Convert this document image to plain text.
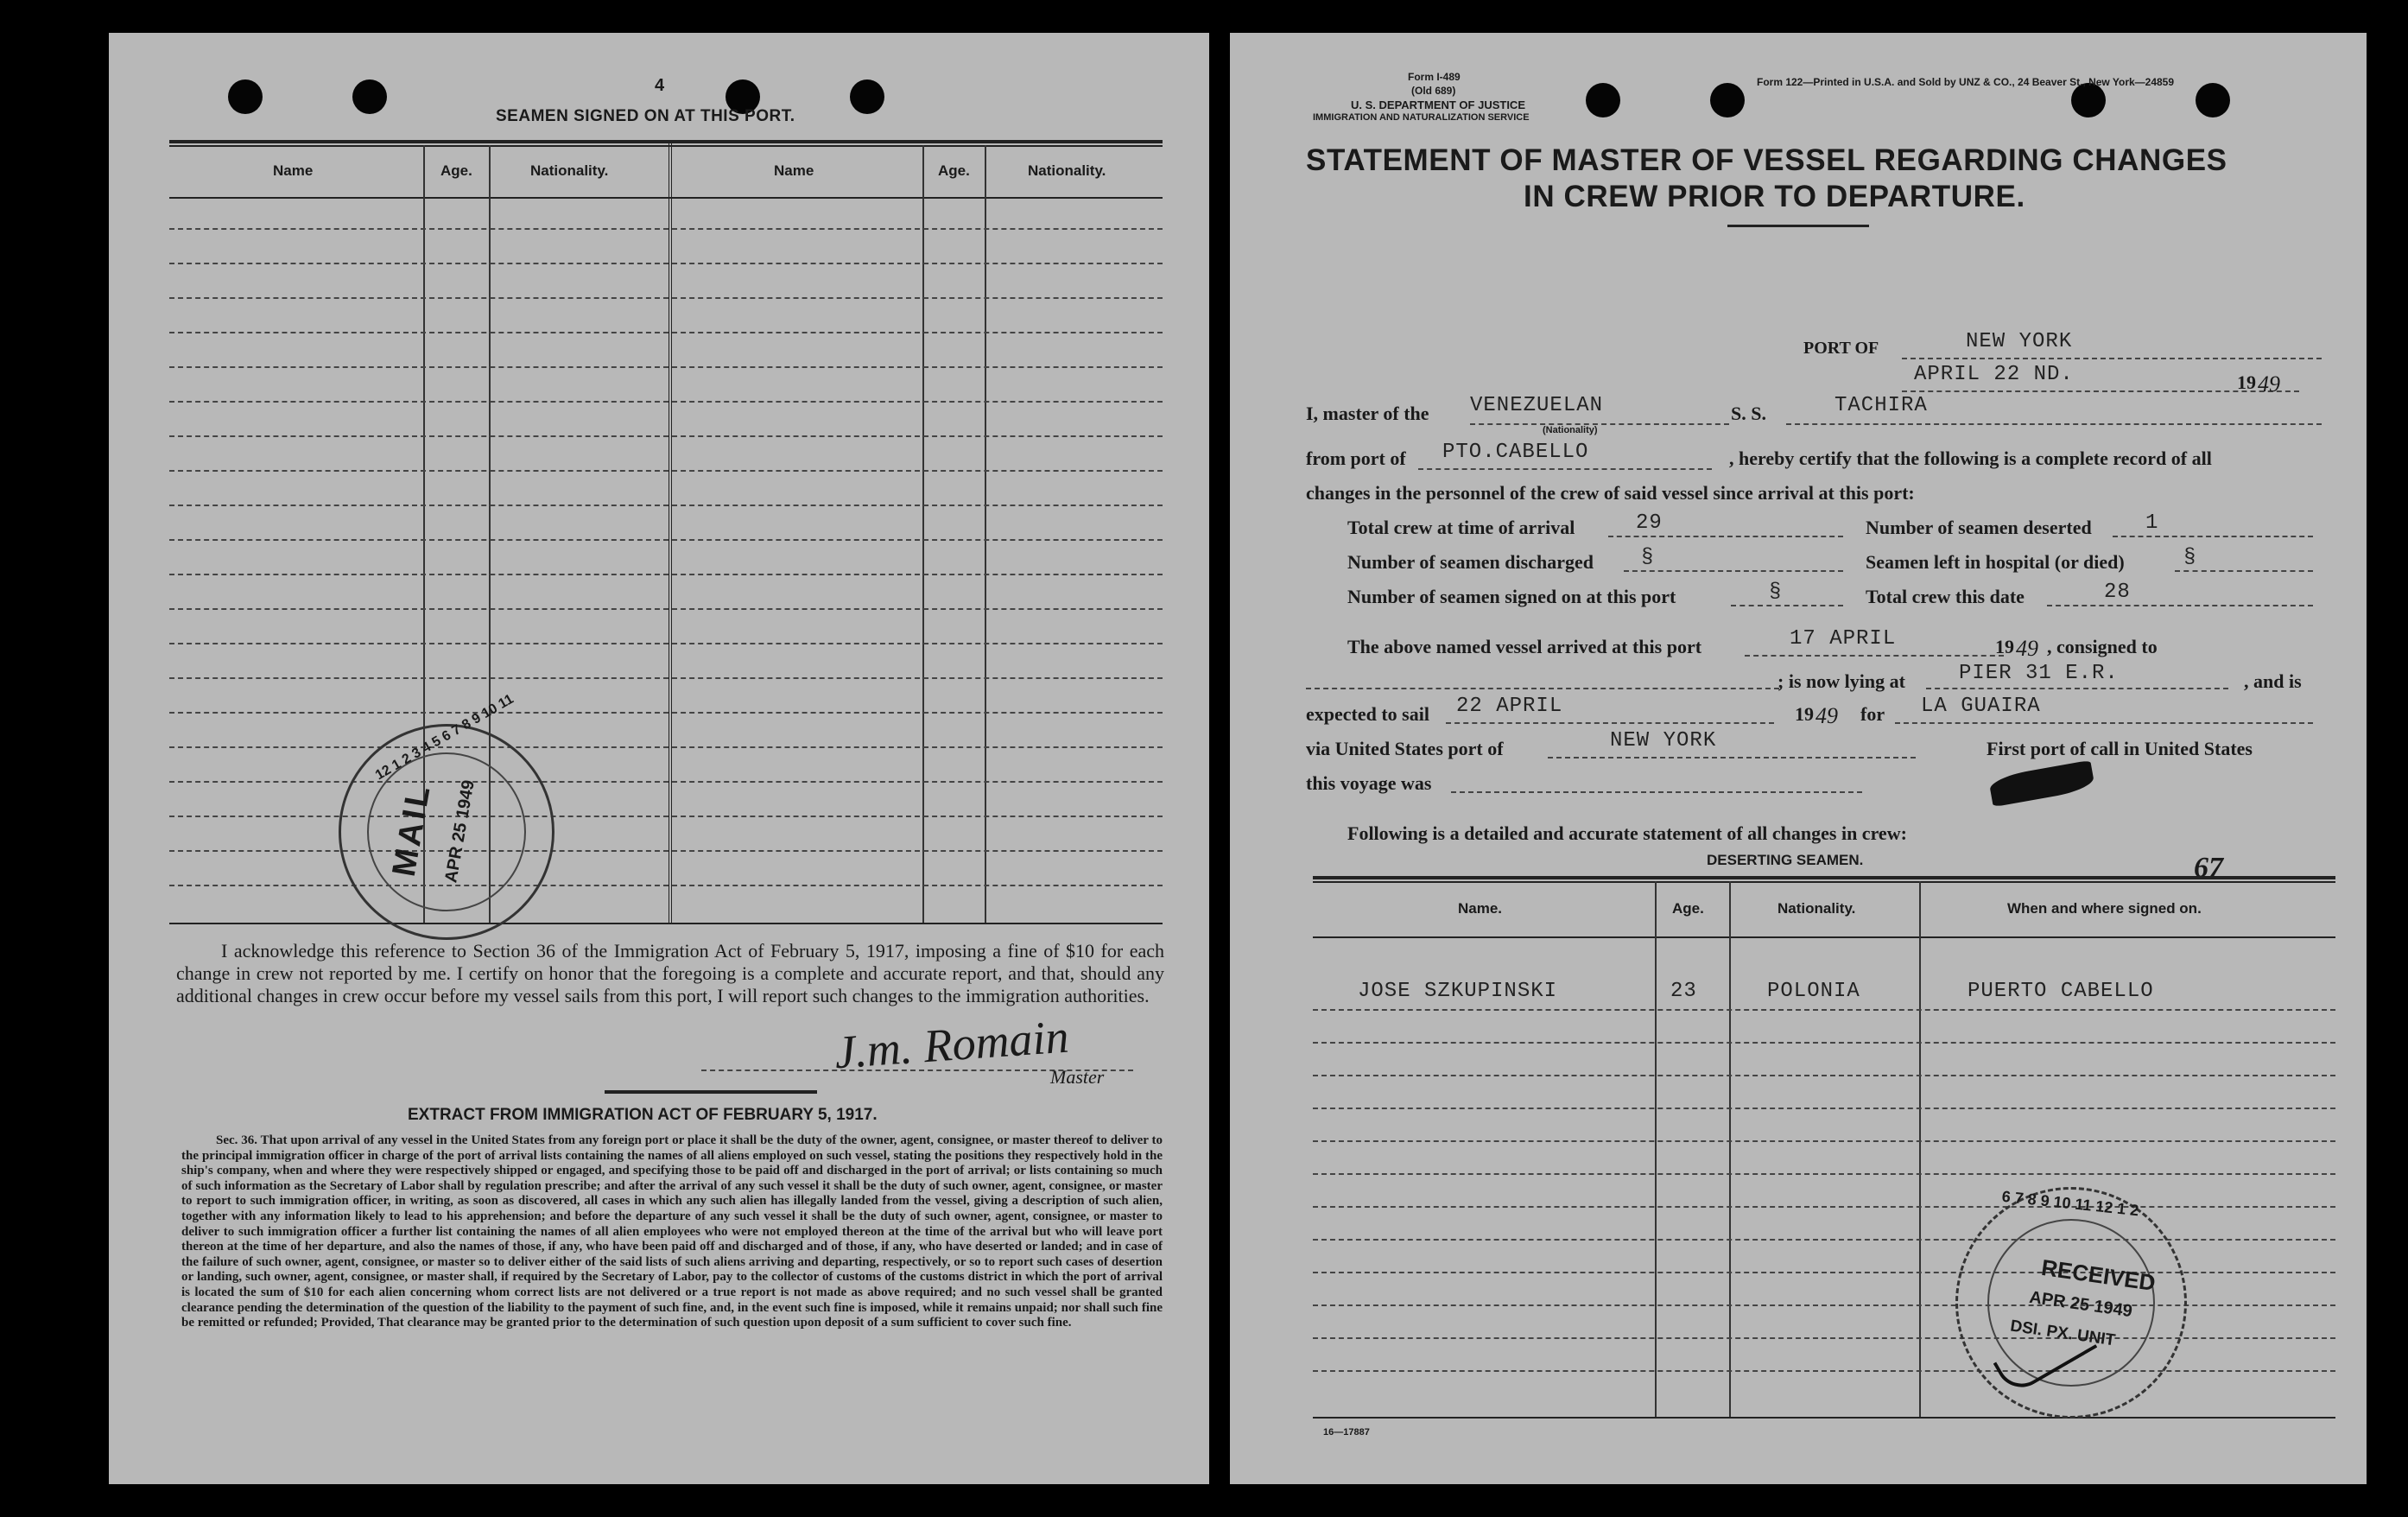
4
SEAMEN SIGNED ON AT THIS PORT.
Name	Age.	Nationality.	Name	Age.	Nationality.
MAIL APR 25 1949
12 1 2 3 4 5 6 7 8 9 10 11
I acknowledge this reference to Section 36 of the Immigration Act of February 5, 1917, imposing a fine of $10 for each change in crew not reported by me. I certify on honor that the foregoing is a complete and accurate report, and that, should any additional changes in crew occur before my vessel sails from this port, I will report such changes to the immigration authorities.
J.m. Romain
Master
EXTRACT FROM IMMIGRATION ACT OF FEBRUARY 5, 1917.
Sec. 36. That upon arrival of any vessel in the United States from any foreign port or place it shall be the duty of the owner, agent, consignee, or master thereof to deliver to the principal immigration officer in charge of the port of arrival lists containing the names of all aliens employed on such vessel, stating the positions they respectively hold in the ship's company, when and where they were respectively shipped or engaged, and specifying those to be paid off and discharged in the port of arrival; or lists containing so much of such information as the Secretary of Labor shall by regulation prescribe; and after the arrival of any such vessel it shall be the duty of such owner, agent, consignee, or master to report to such immigration officer, in writing, as soon as discovered, all cases in which any such alien has illegally landed from the vessel, giving a description of such alien, together with any information likely to lead to his apprehension; and before the departure of any such vessel it shall be the duty of such owner, agent, consignee, or master to deliver to such immigration officer a further list containing the names of all alien employees who were not employed thereon at the time of the arrival but who will leave port thereon at the time of her departure, and also the names of those, if any, who have been paid off and discharged and of those, if any, who have deserted or landed; and in case of the failure of such owner, agent, consignee, or master so to deliver either of the said lists of such aliens arriving and departing, respectively, or so to report such cases of desertion or landing, such owner, agent, consignee, or master shall, if required by the Secretary of Labor, pay to the collector of customs of the customs district in which the port of arrival is located the sum of $10 for each alien concerning whom correct lists are not delivered or a true report is not made as above required; and no such vessel shall be granted clearance pending the determination of the question of the liability to the payment of such fine, and, in the event such fine is imposed, while it remains unpaid; nor shall such fine be remitted or refunded; Provided, That clearance may be granted prior to the determination of such question upon deposit of a sum sufficient to cover such fine.
Form I-489
(Old 689)
U. S. DEPARTMENT OF JUSTICE
IMMIGRATION AND NATURALIZATION SERVICE
Form 122—Printed in U.S.A. and Sold by UNZ & CO., 24 Beaver St., New York—24859
STATEMENT OF MASTER OF VESSEL REGARDING CHANGES
IN CREW PRIOR TO DEPARTURE.
PORT OF	NEW YORK
APRIL 22 ND.	19 49
I, master of the VENEZUELAN
(Nationality)
S. S.	TACHIRA
from port of PTO.CABELLO	, hereby certify that the following is a complete record of all
changes in the personnel of the crew of said vessel since arrival at this port:
Total crew at time of arrival	29	Number of seamen deserted	1
Number of seamen discharged §	Seamen left in hospital (or died)	§
Number of seamen signed on at this port	§	Total crew this date	28
The above named vessel arrived at this port	17 APRIL	19 49 , consigned to
; is now lying at	PIER 31 E.R.	, and is
expected to sail 22 APRIL	19 49 for LA GUAIRA
via United States port of	NEW YORK	First port of call in United States
this voyage was
Following is a detailed and accurate statement of all changes in crew:
DESERTING SEAMEN.	67
Name.	Age.	Nationality.	When and where signed on.
JOSE SZKUPINSKI	23	POLONIA	PUERTO CABELLO
6 7 8 9 10 11 12 1 2
RECEIVED
APR 25 1949
DSI. PX. UNIT
16—17887
